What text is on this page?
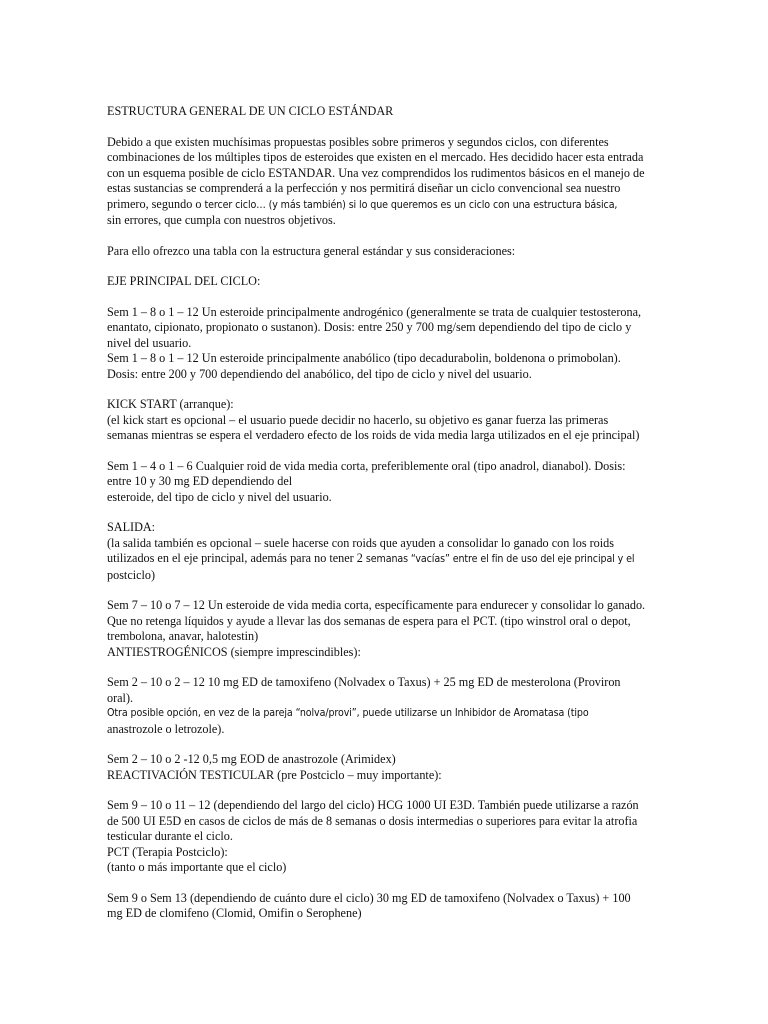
ESTRUCTURA GENERAL DE UN CICLO ESTÁNDAR

Debido a que existen muchísimas propuestas posibles sobre primeros y segundos ciclos, con diferentes
combinaciones de los múltiples tipos de esteroides que existen en el mercado. Hes decidido hacer esta entrada
con un esquema posible de ciclo ESTANDAR. Una vez comprendidos los rudimentos básicos en el manejo de
estas sustancias se comprenderá a la perfección y nos permitirá diseñar un ciclo convencional sea nuestro
primero, segundo o tercer ciclo… (y más también) si lo que queremos es un ciclo con una estructura básica,
sin errores, que cumpla con nuestros objetivos.

Para ello ofrezco una tabla con la estructura general estándar y sus consideraciones:

EJE PRINCIPAL DEL CICLO:

Sem 1 – 8 o 1 – 12 Un esteroide principalmente androgénico (generalmente se trata de cualquier testosterona,
enantato, cipionato, propionato o sustanon). Dosis: entre 250 y 700 mg/sem dependiendo del tipo de ciclo y
nivel del usuario.
Sem 1 – 8 o 1 – 12 Un esteroide principalmente anabólico (tipo decadurabolin, boldenona o primobolan).
Dosis: entre 200 y 700 dependiendo del anabólico, del tipo de ciclo y nivel del usuario.

KICK START (arranque):
(el kick start es opcional – el usuario puede decidir no hacerlo, su objetivo es ganar fuerza las primeras
semanas mientras se espera el verdadero efecto de los roids de vida media larga utilizados en el eje principal)

Sem 1 – 4 o 1 – 6 Cualquier roid de vida media corta, preferiblemente oral (tipo anadrol, dianabol). Dosis:
entre 10 y 30 mg ED dependiendo del
esteroide, del tipo de ciclo y nivel del usuario.

SALIDA:
(la salida también es opcional – suele hacerse con roids que ayuden a consolidar lo ganado con los roids
utilizados en el eje principal, además para no tener 2 semanas “vacías” entre el fin de uso del eje principal y el
postciclo)

Sem 7 – 10 o 7 – 12 Un esteroide de vida media corta, específicamente para endurecer y consolidar lo ganado.
Que no retenga líquidos y ayude a llevar las dos semanas de espera para el PCT. (tipo winstrol oral o depot,
trembolona, anavar, halotestin)
ANTIESTROGÉNICOS (siempre imprescindibles):

Sem 2 – 10 o 2 – 12 10 mg ED de tamoxifeno (Nolvadex o Taxus) + 25 mg ED de mesterolona (Proviron
oral).
Otra posible opción, en vez de la pareja “nolva/provi”, puede utilizarse un Inhibidor de Aromatasa (tipo
anastrozole o letrozole).

Sem 2 – 10 o 2 -12 0,5 mg EOD de anastrozole (Arimidex)
REACTIVACIÓN TESTICULAR (pre Postciclo – muy importante):

Sem 9 – 10 o 11 – 12 (dependiendo del largo del ciclo) HCG 1000 UI E3D. También puede utilizarse a razón
de 500 UI E5D en casos de ciclos de más de 8 semanas o dosis intermedias o superiores para evitar la atrofia
testicular durante el ciclo.
PCT (Terapia Postciclo):
(tanto o más importante que el ciclo)

Sem 9 o Sem 13 (dependiendo de cuánto dure el ciclo) 30 mg ED de tamoxifeno (Nolvadex o Taxus) + 100
mg ED de clomifeno (Clomid, Omifin o Serophene)
